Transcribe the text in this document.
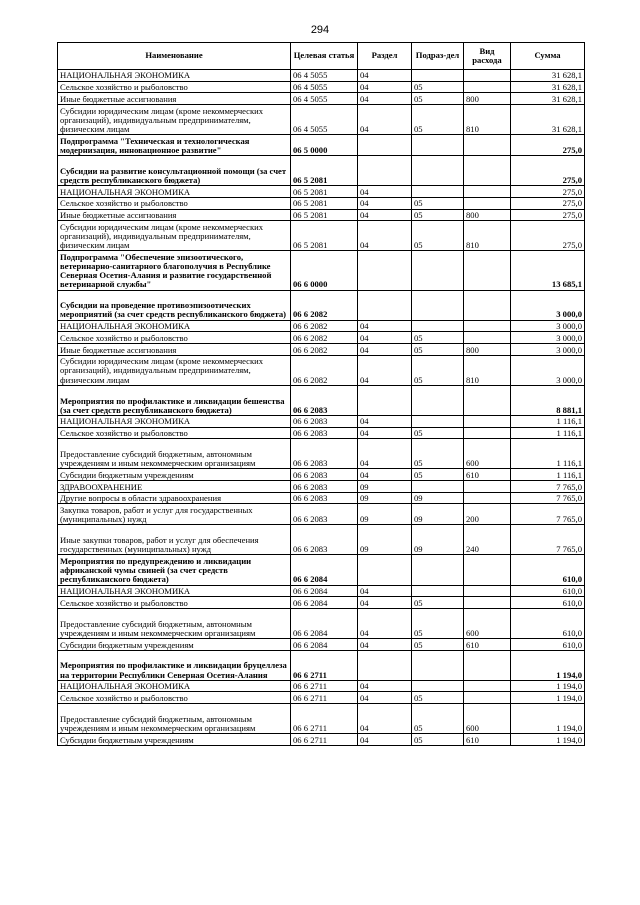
294
Наименование	Целевая статья	Раздел	Подраз-дел	Вид расхода	Сумма
НАЦИОНАЛЬНАЯ ЭКОНОМИКА	06 4 5055	04			31 628,1
Сельское хозяйство и рыболовство	06 4 5055	04	05		31 628,1
Иные бюджетные ассигнования	06 4 5055	04	05	800	31 628,1
Субсидии юридическим лицам (кроме некоммерческих организаций), индивидуальным предпринимателям, физическим лицам	06 4 5055	04	05	810	31 628,1
Подпрограмма "Техническая и технологическая модернизация, инновационное развитие"	06 5 0000				275,0
Субсидии на развитие консультационной помощи (за счет средств республиканского бюджета)	06 5 2081				275,0
НАЦИОНАЛЬНАЯ ЭКОНОМИКА	06 5 2081	04			275,0
Сельское хозяйство и рыболовство	06 5 2081	04	05		275,0
Иные бюджетные ассигнования	06 5 2081	04	05	800	275,0
Субсидии юридическим лицам (кроме некоммерческих организаций), индивидуальным предпринимателям, физическим лицам	06 5 2081	04	05	810	275,0
Подпрограмма "Обеспечение эпизоотического, ветеринарно-санитарного благополучия в Республике Северная Осетия-Алания и развитие государственной ветеринарной службы"	06 6 0000				13 685,1
Субсидии на проведение противоэпизоотических мероприятий (за счет средств республиканского бюджета)	06 6 2082				3 000,0
НАЦИОНАЛЬНАЯ ЭКОНОМИКА	06 6 2082	04			3 000,0
Сельское хозяйство и рыболовство	06 6 2082	04	05		3 000,0
Иные бюджетные ассигнования	06 6 2082	04	05	800	3 000,0
Субсидии юридическим лицам (кроме некоммерческих организаций), индивидуальным предпринимателям, физическим лицам	06 6 2082	04	05	810	3 000,0
Мероприятия по профилактике и ликвидации бешенства (за счет средств республиканского бюджета)	06 6 2083				8 881,1
НАЦИОНАЛЬНАЯ ЭКОНОМИКА	06 6 2083	04			1 116,1
Сельское хозяйство и рыболовство	06 6 2083	04	05		1 116,1
Предоставление субсидий бюджетным, автономным учреждениям и иным некоммерческим организациям	06 6 2083	04	05	600	1 116,1
Субсидии бюджетным учреждениям	06 6 2083	04	05	610	1 116,1
ЗДРАВООХРАНЕНИЕ	06 6 2083	09			7 765,0
Другие вопросы в области здравоохранения	06 6 2083	09	09		7 765,0
Закупка товаров, работ и услуг для государственных (муниципальных) нужд	06 6 2083	09	09	200	7 765,0
Иные закупки товаров, работ и услуг для обеспечения государственных (муниципальных) нужд	06 6 2083	09	09	240	7 765,0
Мероприятия по предупреждению и ликвидации африканской чумы свиней (за счет средств республиканского бюджета)	06 6 2084				610,0
НАЦИОНАЛЬНАЯ ЭКОНОМИКА	06 6 2084	04			610,0
Сельское хозяйство и рыболовство	06 6 2084	04	05		610,0
Предоставление субсидий бюджетным, автономным учреждениям и иным некоммерческим организациям	06 6 2084	04	05	600	610,0
Субсидии бюджетным учреждениям	06 6 2084	04	05	610	610,0
Мероприятия по профилактике и ликвидации бруцеллеза на территории Республики Северная Осетия-Алания	06 6 2711				1 194,0
НАЦИОНАЛЬНАЯ ЭКОНОМИКА	06 6 2711	04			1 194,0
Сельское хозяйство и рыболовство	06 6 2711	04	05		1 194,0
Предоставление субсидий бюджетным, автономным учреждениям и иным некоммерческим организациям	06 6 2711	04	05	600	1 194,0
Субсидии бюджетным учреждениям	06 6 2711	04	05	610	1 194,0
